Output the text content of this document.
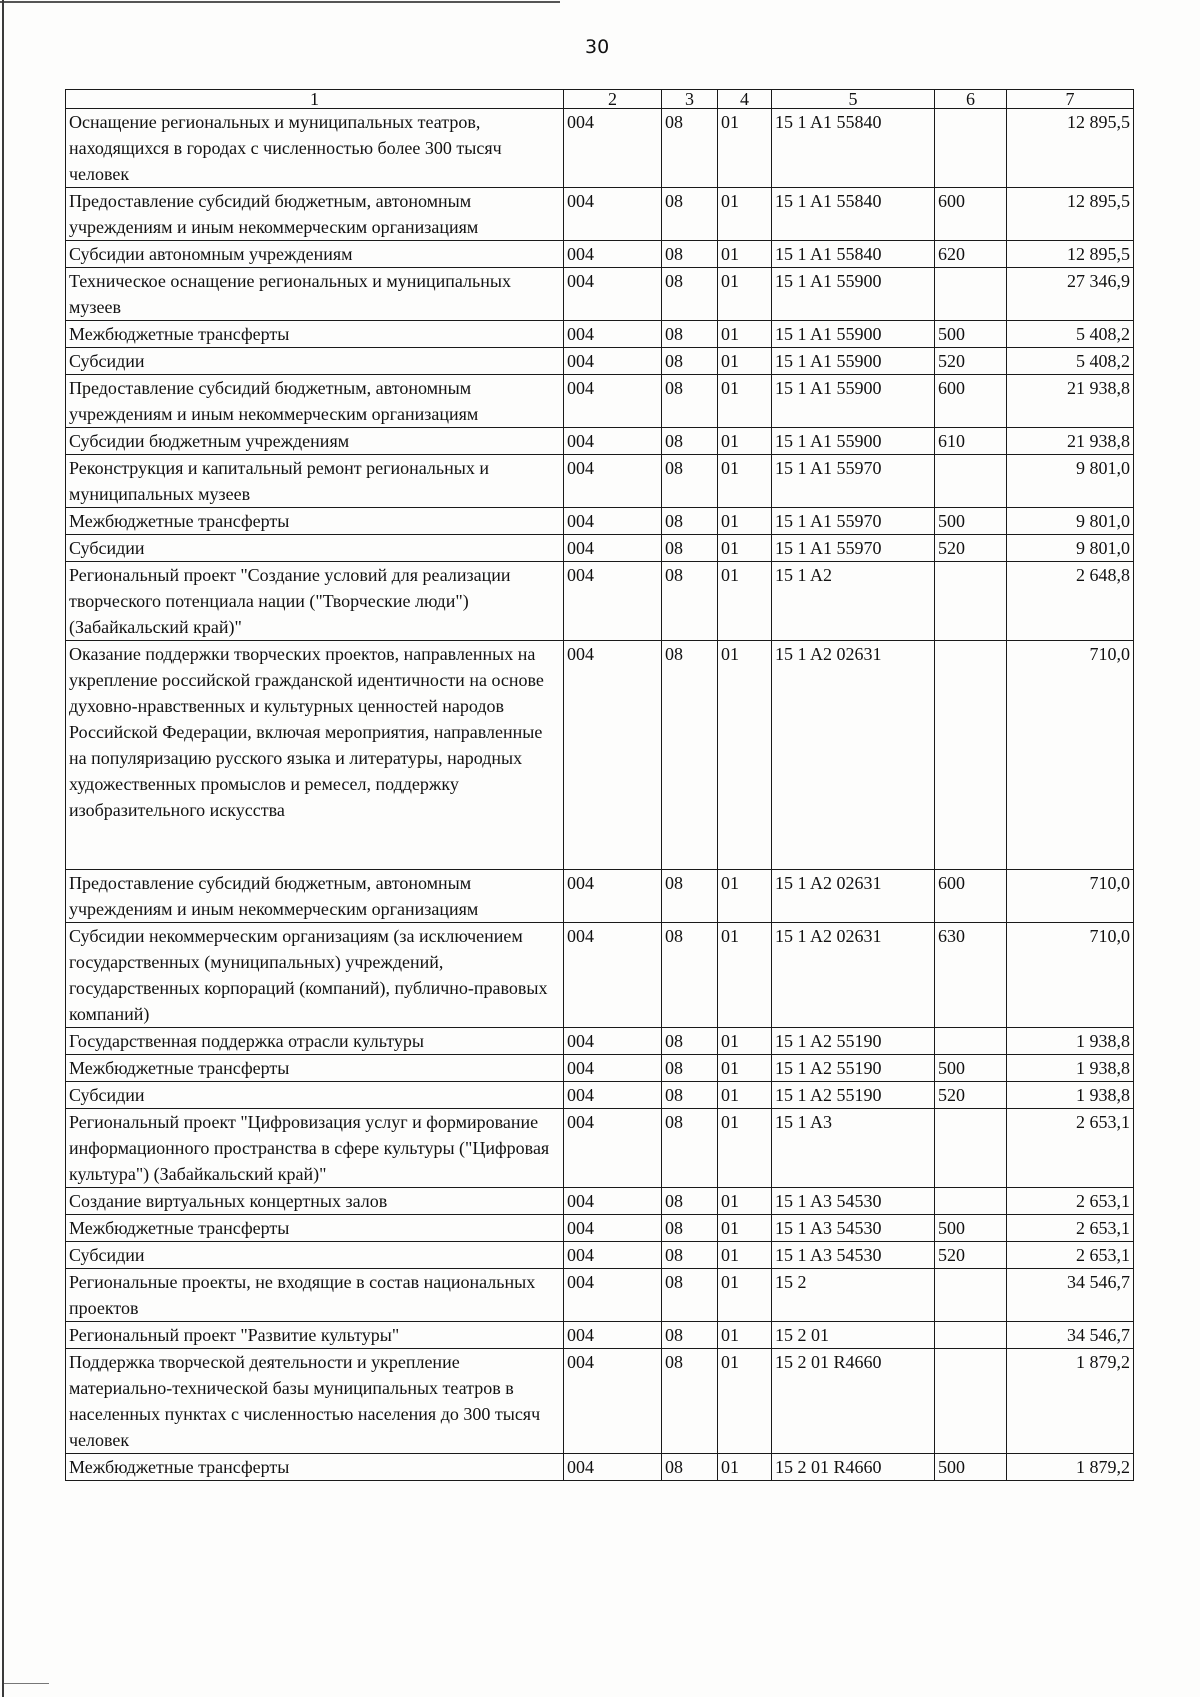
30
1	2	3	4	5	6	7
Оснащение региональных и муниципальных театров, находящихся в городах с численностью более 300 тысяч человек	004	08	01	15 1 A1 55840		12 895,5
Предоставление субсидий бюджетным, автономным учреждениям и иным некоммерческим организациям	004	08	01	15 1 A1 55840	600	12 895,5
Субсидии автономным учреждениям	004	08	01	15 1 A1 55840	620	12 895,5
Техническое оснащение региональных и муниципальных музеев	004	08	01	15 1 A1 55900		27 346,9
Межбюджетные трансферты	004	08	01	15 1 A1 55900	500	5 408,2
Субсидии	004	08	01	15 1 A1 55900	520	5 408,2
Предоставление субсидий бюджетным, автономным учреждениям и иным некоммерческим организациям	004	08	01	15 1 A1 55900	600	21 938,8
Субсидии бюджетным учреждениям	004	08	01	15 1 A1 55900	610	21 938,8
Реконструкция и капитальный ремонт региональных и муниципальных музеев	004	08	01	15 1 A1 55970		9 801,0
Межбюджетные трансферты	004	08	01	15 1 A1 55970	500	9 801,0
Субсидии	004	08	01	15 1 A1 55970	520	9 801,0
Региональный проект "Создание условий для реализации творческого потенциала нации ("Творческие люди") (Забайкальский край)"	004	08	01	15 1 A2		2 648,8
Оказание поддержки творческих проектов, направленных на укрепление российской гражданской идентичности на основе духовно-нравственных и культурных ценностей народов Российской Федерации, включая мероприятия, направленные на популяризацию русского языка и литературы, народных художественных промыслов и ремесел, поддержку изобразительного искусства	004	08	01	15 1 A2 02631		710,0
Предоставление субсидий бюджетным, автономным учреждениям и иным некоммерческим организациям	004	08	01	15 1 A2 02631	600	710,0
Субсидии некоммерческим организациям (за исключением государственных (муниципальных) учреждений, государственных корпораций (компаний), публично-правовых компаний)	004	08	01	15 1 A2 02631	630	710,0
Государственная поддержка отрасли культуры	004	08	01	15 1 A2 55190		1 938,8
Межбюджетные трансферты	004	08	01	15 1 A2 55190	500	1 938,8
Субсидии	004	08	01	15 1 A2 55190	520	1 938,8
Региональный проект "Цифровизация услуг и формирование информационного пространства в сфере культуры ("Цифровая культура") (Забайкальский край)"	004	08	01	15 1 A3		2 653,1
Создание виртуальных концертных залов	004	08	01	15 1 A3 54530		2 653,1
Межбюджетные трансферты	004	08	01	15 1 A3 54530	500	2 653,1
Субсидии	004	08	01	15 1 A3 54530	520	2 653,1
Региональные проекты, не входящие в состав национальных проектов	004	08	01	15 2		34 546,7
Региональный проект "Развитие культуры"	004	08	01	15 2 01		34 546,7
Поддержка творческой деятельности и укрепление материально-технической базы муниципальных театров в населенных пунктах с численностью населения до 300 тысяч человек	004	08	01	15 2 01 R4660		1 879,2
Межбюджетные трансферты	004	08	01	15 2 01 R4660	500	1 879,2
